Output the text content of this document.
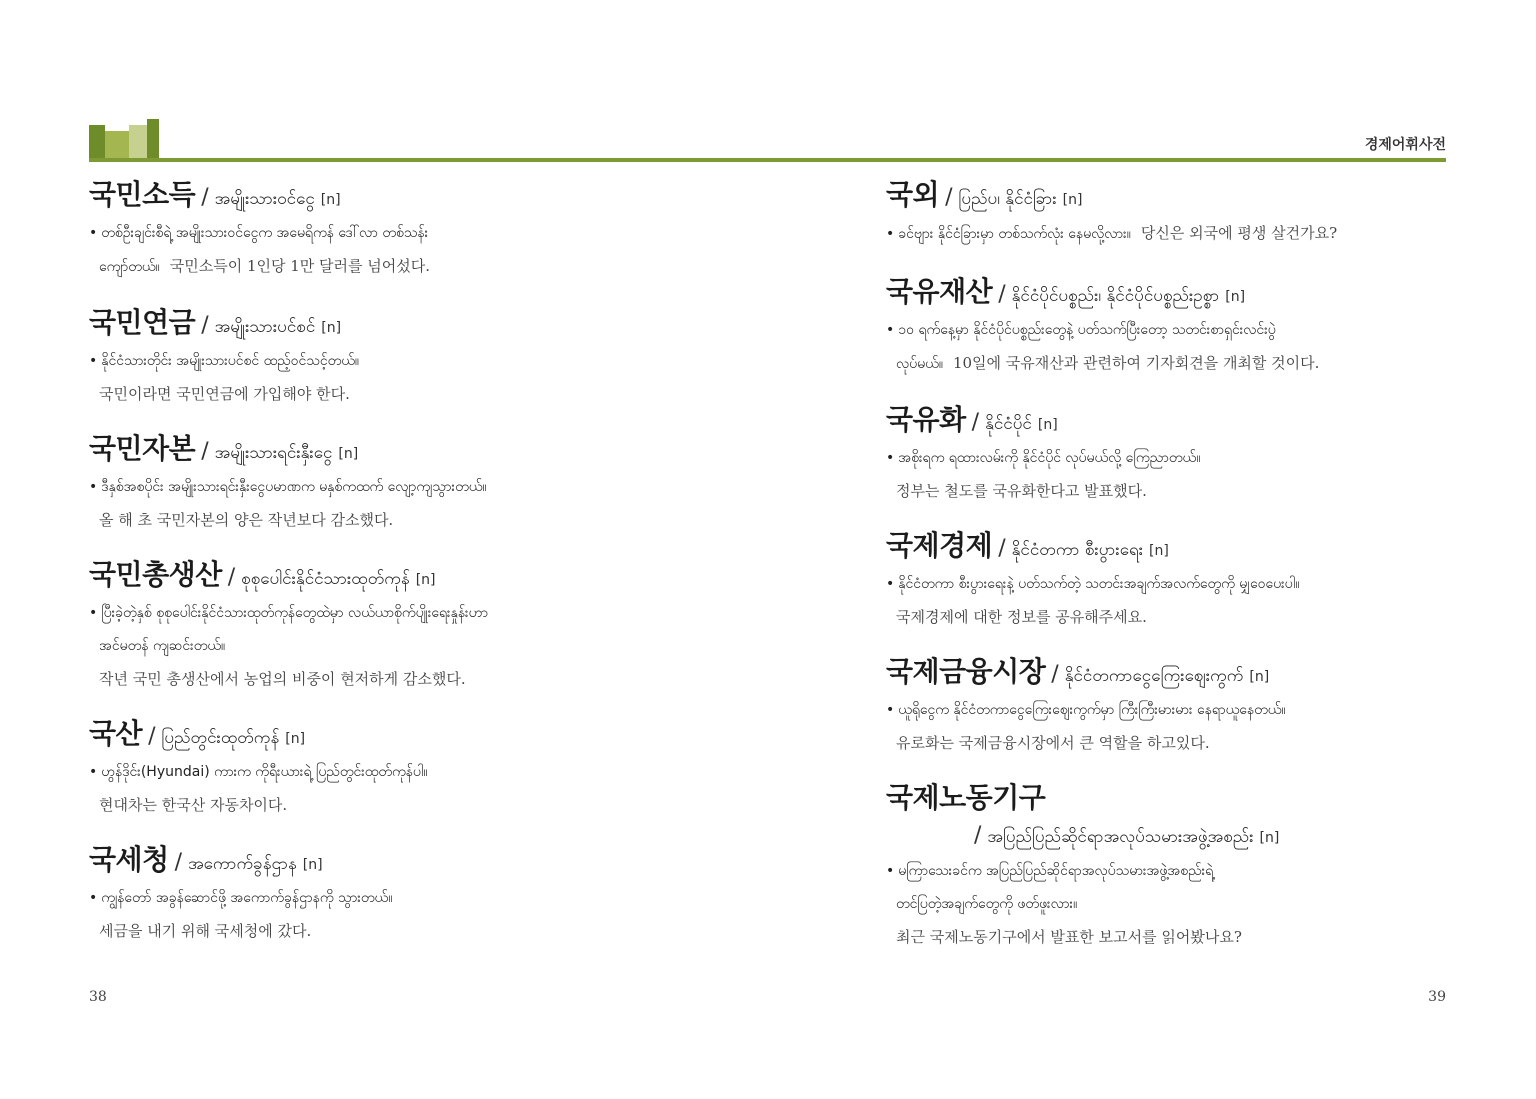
경제어휘사전
국민소득 / အမျိုးသားဝင်ငွေ [n]
• တစ်ဦးချင်းစီရဲ့ အမျိုးသားဝင်ငွေက အမေရိကန် ဒေါ်လာ တစ်သန်း
ကျော်တယ်။ 국민소득이 1인당 1만 달러를 넘어섰다.
국민연금 / အမျိုးသားပင်စင် [n]
• နိုင်ငံသားတိုင်း အမျိုးသားပင်စင် ထည့်ဝင်သင့်တယ်။
국민이라면 국민연금에 가입해야 한다.
국민자본 / အမျိုးသားရင်းနှီးငွေ [n]
• ဒီနှစ်အစပိုင်း အမျိုးသားရင်းနှီးငွေပမာဏက မနှစ်ကထက် လျော့ကျသွားတယ်။
올 해 초 국민자본의 양은 작년보다 감소했다.
국민총생산 / စုစုပေါင်းနိုင်ငံသားထုတ်ကုန် [n]
• ပြီးခဲ့တဲ့နှစ် စုစုပေါင်းနိုင်ငံသားထုတ်ကုန်တွေထဲမှာ လယ်ယာစိုက်ပျိုးရေးနှုန်းဟာ
အင်မတန် ကျဆင်းတယ်။
작년 국민 총생산에서 농업의 비중이 현저하게 감소했다.
국산 / ပြည်တွင်းထုတ်ကုန် [n]
• ဟွန်ဒိုင်း(Hyundai) ကားက ကိုရီးယားရဲ့ ပြည်တွင်းထုတ်ကုန်ပါ။
현대차는 한국산 자동차이다.
국세청 / အကောက်ခွန်ဌာန [n]
• ကျွန်တော် အခွန်ဆောင်ဖို့ အကောက်ခွန်ဌာနကို သွားတယ်။
세금을 내기 위해 국세청에 갔다.
국외 / ပြည်ပ၊ နိုင်ငံခြား [n]
• ခင်ဗျား နိုင်ငံခြားမှာ တစ်သက်လုံး နေမလို့လား။ 당신은 외국에 평생 살건가요?
국유재산 / နိုင်ငံပိုင်ပစ္စည်း၊ နိုင်ငံပိုင်ပစ္စည်းဥစ္စာ [n]
• ၁၀ ရက်နေ့မှာ နိုင်ငံပိုင်ပစ္စည်းတွေနဲ့ ပတ်သက်ပြီးတော့ သတင်းစာရှင်းလင်းပွဲ
လုပ်မယ်။ 10일에 국유재산과 관련하여 기자회견을 개최할 것이다.
국유화 / နိုင်ငံပိုင် [n]
• အစိုးရက ရထားလမ်းကို နိုင်ငံပိုင် လုပ်မယ်လို့ ကြေညာတယ်။
정부는 철도를 국유화한다고 발표했다.
국제경제 / နိုင်ငံတကာ စီးပွားရေး [n]
• နိုင်ငံတကာ စီးပွားရေးနဲ့ ပတ်သက်တဲ့ သတင်းအချက်အလက်တွေကို မျှဝေပေးပါ။
국제경제에 대한 정보를 공유해주세요.
국제금융시장 / နိုင်ငံတကာငွေကြေးဈေးကွက် [n]
• ယူရိုငွေက နိုင်ငံတကာငွေကြေးဈေးကွက်မှာ ကြီးကြီးမားမား နေရာယူနေတယ်။
유로화는 국제금융시장에서 큰 역할을 하고있다.
국제노동기구
/ အပြည်ပြည်ဆိုင်ရာအလုပ်သမားအဖွဲ့အစည်း [n]
• မကြာသေးခင်က အပြည်ပြည်ဆိုင်ရာအလုပ်သမားအဖွဲ့အစည်းရဲ့
တင်ပြတဲ့အချက်တွေကို ဖတ်ဖူးလား။
최근 국제노동기구에서 발표한 보고서를 읽어봤나요?
38	39
